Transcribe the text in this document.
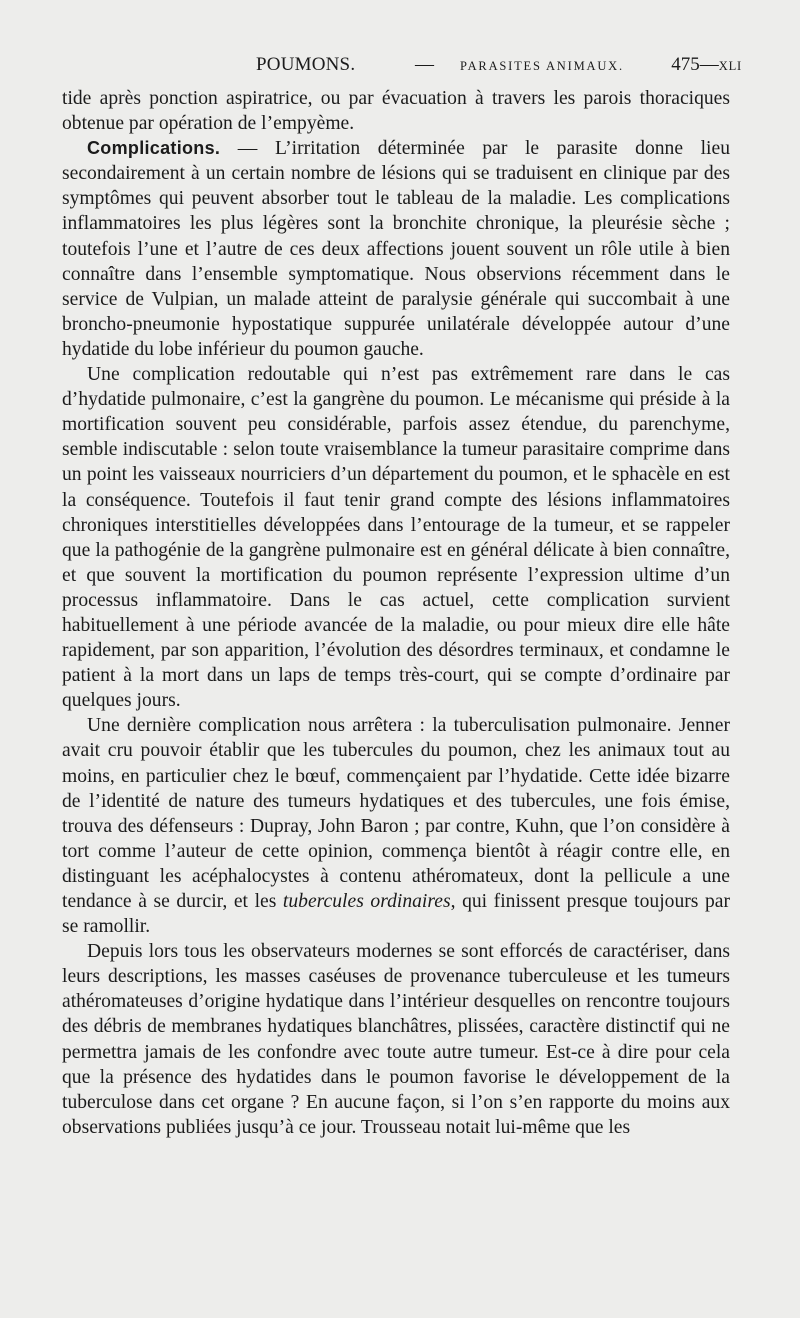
POUMONS.	— PARASITES ANIMAUX. 475—XLI

tide après ponction aspiratrice, ou par évacuation à travers les parois thoraciques obtenue par opération de l’empyème.

Complications. — L’irritation déterminée par le parasite donne lieu secondairement à un certain nombre de lésions qui se traduisent en clinique par des symptômes qui peuvent absorber tout le tableau de la maladie. Les complications inflammatoires les plus légères sont la bronchite chronique, la pleurésie sèche ; toutefois l’une et l’autre de ces deux affections jouent souvent un rôle utile à bien connaître dans l’ensemble symptomatique. Nous observions récemment dans le service de Vulpian, un malade atteint de paralysie générale qui succombait à une broncho-pneumonie hypostatique suppurée unilatérale développée autour d’une hydatide du lobe inférieur du poumon gauche.

Une complication redoutable qui n’est pas extrêmement rare dans le cas d’hydatide pulmonaire, c’est la gangrène du poumon. Le mécanisme qui préside à la mortification souvent peu considérable, parfois assez étendue, du parenchyme, semble indiscutable : selon toute vraisemblance la tumeur parasitaire comprime dans un point les vaisseaux nourriciers d’un département du poumon, et le sphacèle en est la conséquence. Toutefois il faut tenir grand compte des lésions inflammatoires chroniques interstitielles développées dans l’entourage de la tumeur, et se rappeler que la pathogénie de la gangrène pulmonaire est en général délicate à bien connaître, et que souvent la mortification du poumon représente l’expression ultime d’un processus inflammatoire. Dans le cas actuel, cette complication survient habituellement à une période avancée de la maladie, ou pour mieux dire elle hâte rapidement, par son apparition, l’évolution des désordres terminaux, et condamne le patient à la mort dans un laps de temps très-court, qui se compte d’ordinaire par quelques jours.

Une dernière complication nous arrêtera : la tuberculisation pulmonaire. Jenner avait cru pouvoir établir que les tubercules du poumon, chez les animaux tout au moins, en particulier chez le bœuf, commençaient par l’hydatide. Cette idée bizarre de l’identité de nature des tumeurs hydatiques et des tubercules, une fois émise, trouva des défenseurs : Dupray, John Baron ; par contre, Kuhn, que l’on considère à tort comme l’auteur de cette opinion, commença bientôt à réagir contre elle, en distinguant les acéphalocystes à contenu athéromateux, dont la pellicule a une tendance à se durcir, et les tubercules ordinaires, qui finissent presque toujours par se ramollir.

Depuis lors tous les observateurs modernes se sont efforcés de caractériser, dans leurs descriptions, les masses caséuses de provenance tuberculeuse et les tumeurs athéromateuses d’origine hydatique dans l’intérieur desquelles on rencontre toujours des débris de membranes hydatiques blanchâtres, plissées, caractère distinctif qui ne permettra jamais de les confondre avec toute autre tumeur. Est-ce à dire pour cela que la présence des hydatides dans le poumon favorise le développement de la tuberculose dans cet organe ? En aucune façon, si l’on s’en rapporte du moins aux observations publiées jusqu’à ce jour. Trousseau notait lui-même que les
